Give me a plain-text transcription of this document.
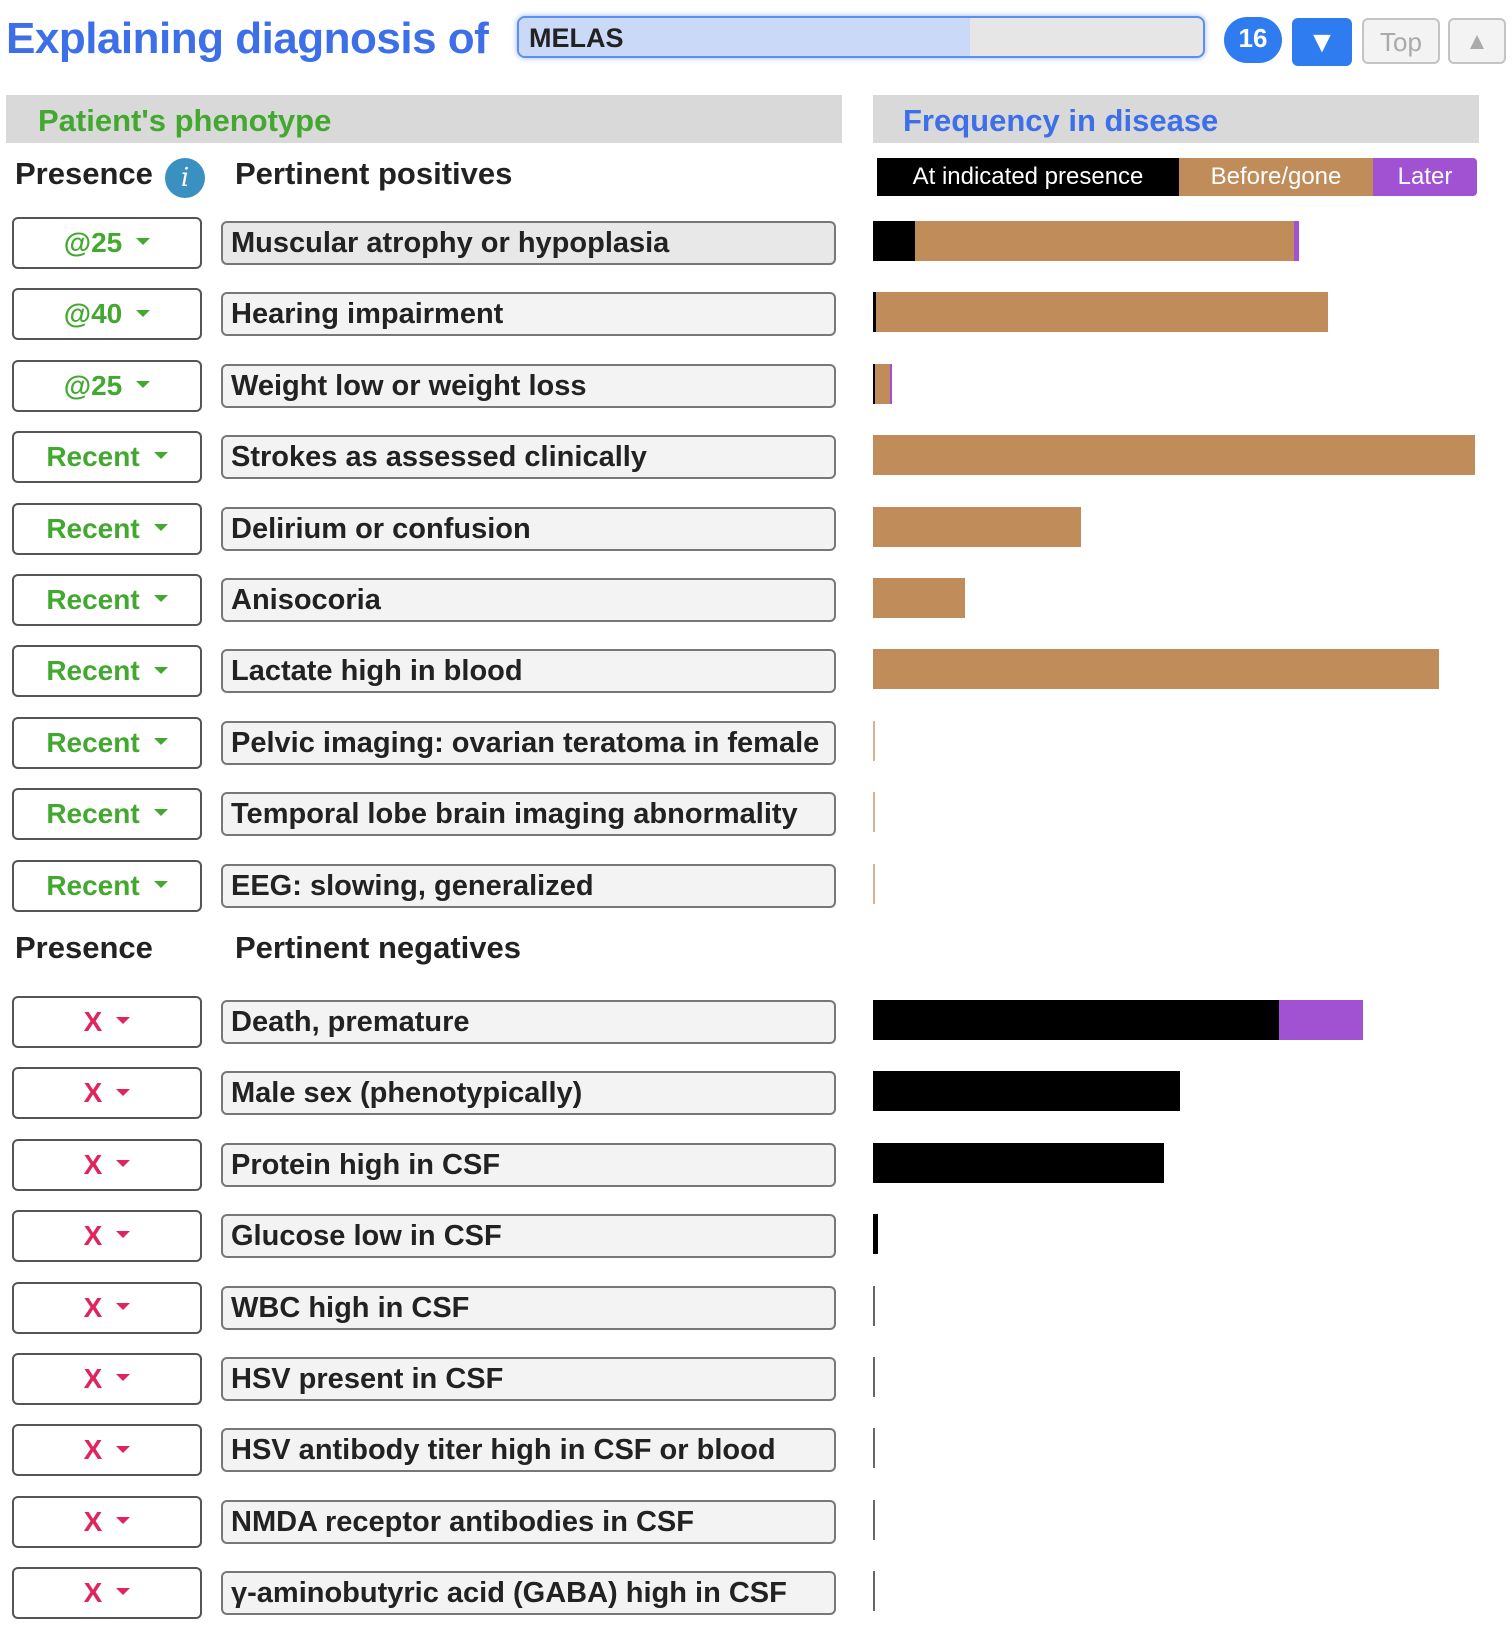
Explaining diagnosis of MELAS	16	▼	Top	▲
Patient's phenotype	Frequency in disease
Presence	i	Pertinent positives	At indicated presence	Before/gone	Later
@25	Muscular atrophy or hypoplasia
@40	Hearing impairment
@25	Weight low or weight loss
Recent	Strokes as assessed clinically
Recent	Delirium or confusion
Recent	Anisocoria
Recent	Lactate high in blood
Recent	Pelvic imaging: ovarian teratoma in female
Recent	Temporal lobe brain imaging abnormality
Recent	EEG: slowing, generalized
Presence	Pertinent negatives
X	Death, premature
X	Male sex (phenotypically)
X	Protein high in CSF
X	Glucose low in CSF
X	WBC high in CSF
X	HSV present in CSF
X	HSV antibody titer high in CSF or blood
X	NMDA receptor antibodies in CSF
X	γ-aminobutyric acid (GABA) high in CSF
